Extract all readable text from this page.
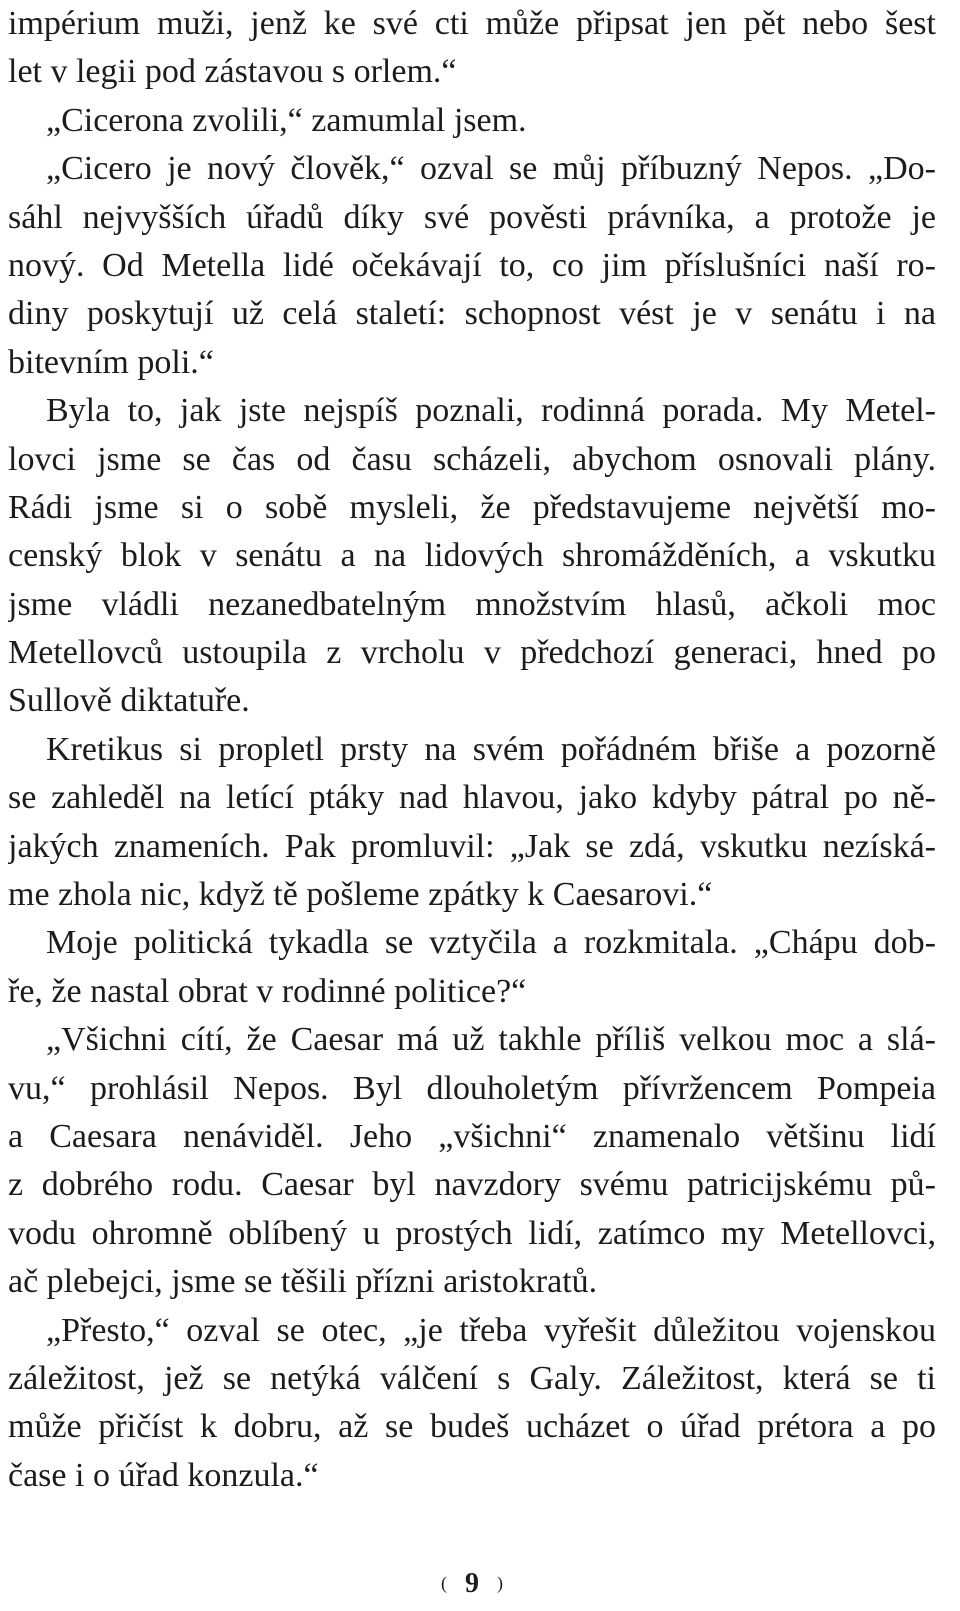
impérium muži, jenž ke své cti může připsat jen pět nebo šest
let v legii pod zástavou s orlem.“
„Cicerona zvolili,“ zamumlal jsem.
„Cicero je nový člověk,“ ozval se můj příbuzný Nepos. „Do-
sáhl nejvyšších úřadů díky své pověsti právníka, a protože je
nový. Od Metella lidé očekávají to, co jim příslušníci naší ro-
diny poskytují už celá staletí: schopnost vést je v senátu i na
bitevním poli.“
Byla to, jak jste nejspíš poznali, rodinná porada. My Metel-
lovci jsme se čas od času scházeli, abychom osnovali plány.
Rádi jsme si o sobě mysleli, že představujeme největší mo-
censký blok v senátu a na lidových shromážděních, a vskutku
jsme vládli nezanedbatelným množstvím hlasů, ačkoli moc
Metellovců ustoupila z vrcholu v předchozí generaci, hned po
Sullově diktatuře.
Kretikus si propletl prsty na svém pořádném břiše a pozorně
se zahleděl na letící ptáky nad hlavou, jako kdyby pátral po ně-
jakých znameních. Pak promluvil: „Jak se zdá, vskutku nezíská-
me zhola nic, když tě pošleme zpátky k Caesarovi.“
Moje politická tykadla se vztyčila a rozkmitala. „Chápu dob-
ře, že nastal obrat v rodinné politice?“
„Všichni cítí, že Caesar má už takhle příliš velkou moc a slá-
vu,“ prohlásil Nepos. Byl dlouholetým přívržencem Pompeia
a Caesara nenáviděl. Jeho „všichni“ znamenalo většinu lidí
z dobrého rodu. Caesar byl navzdory svému patricijskému pů-
vodu ohromně oblíbený u prostých lidí, zatímco my Metellovci,
ač plebejci, jsme se těšili přízni aristokratů.
„Přesto,“ ozval se otec, „je třeba vyřešit důležitou vojenskou
záležitost, jež se netýká válčení s Galy. Záležitost, která se ti
může přičíst k dobru, až se budeš ucházet o úřad prétora a po
čase i o úřad konzula.“
( 9 )
